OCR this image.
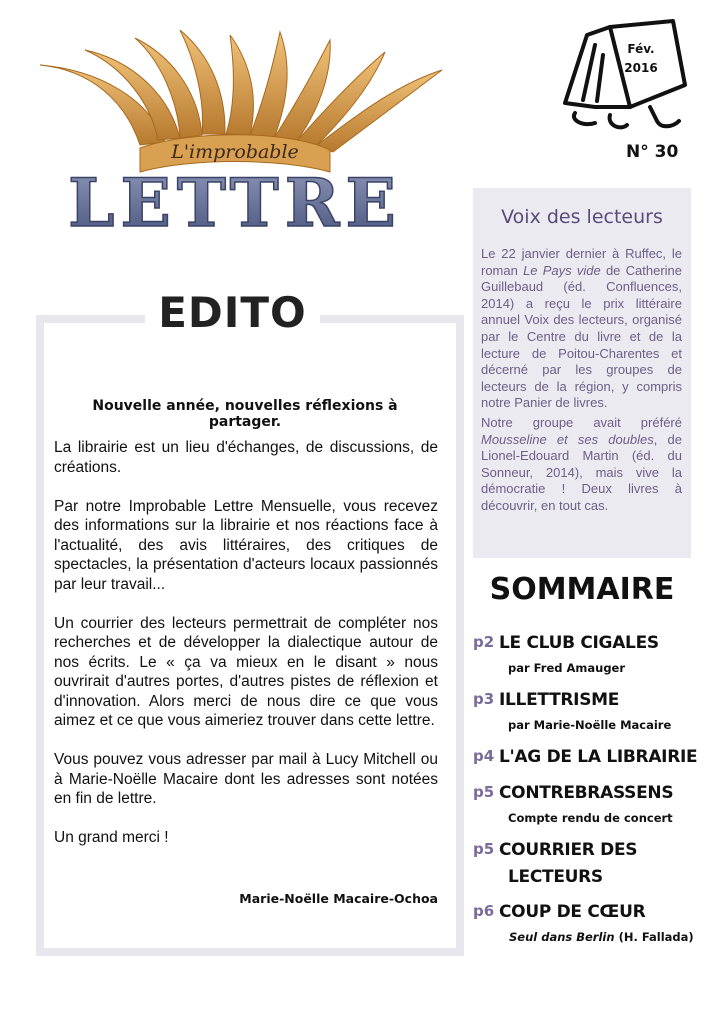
L'improbable
LETTRE
Fév.
2016
N° 30
EDITO
Nouvelle année, nouvelles réflexions à partager.

La librairie est un lieu d'échanges, de discussions, de créations.

Par notre Improbable Lettre Mensuelle, vous recevez des informations sur la librairie et nos réactions face à l'actualité, des avis littéraires, des critiques de spectacles, la présentation d'acteurs locaux passionnés par leur travail...

Un courrier des lecteurs permettrait de compléter nos recherches et de développer la dialectique autour de nos écrits. Le « ça va mieux en le disant » nous ouvrirait d'autres portes, d'autres pistes de réflexion et d'innovation. Alors merci de nous dire ce que vous aimez et ce que vous aimeriez trouver dans cette lettre.

Vous pouvez vous adresser par mail à Lucy Mitchell ou à Marie-Noëlle Macaire dont les adresses sont notées en fin de lettre.

Un grand merci !

Marie-Noëlle Macaire-Ochoa
Voix des lecteurs

Le 22 janvier dernier à Ruffec, le roman Le Pays vide de Catherine Guillebaud (éd. Confluences, 2014) a reçu le prix littéraire annuel Voix des lecteurs, organisé par le Centre du livre et de la lecture de Poitou-Charentes et décerné par les groupes de lecteurs de la région, y compris notre Panier de livres.

Notre groupe avait préféré Mousseline et ses doubles, de Lionel-Edouard Martin (éd. du Sonneur, 2014), mais vive la démocratie ! Deux livres à découvrir, en tout cas.

SOMMAIRE
p2 LE CLUB CIGALES
par Fred Amauger
p3 ILLETTRISME
par Marie-Noëlle Macaire
p4 L'AG DE LA LIBRAIRIE
p5 CONTREBRASSENS
Compte rendu de concert
p5 COURRIER DES
LECTEURS
p6 COUP DE CŒUR
Seul dans Berlin (H. Fallada)
